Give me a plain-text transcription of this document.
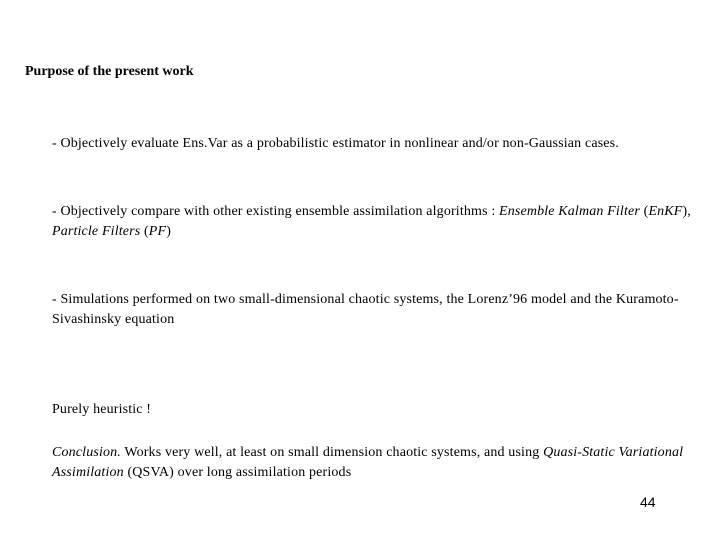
Purpose of the present work
- Objectively evaluate Ens.Var as a probabilistic estimator in nonlinear and/or non-Gaussian cases.
- Objectively compare with other existing ensemble assimilation algorithms : Ensemble Kalman Filter (EnKF), Particle Filters (PF)
- Simulations performed on two small-dimensional chaotic systems, the Lorenz’96 model and the Kuramoto-Sivashinsky equation
Purely heuristic !
Conclusion. Works very well, at least on small dimension chaotic systems, and using Quasi-Static Variational Assimilation (QSVA) over long assimilation periods
44
